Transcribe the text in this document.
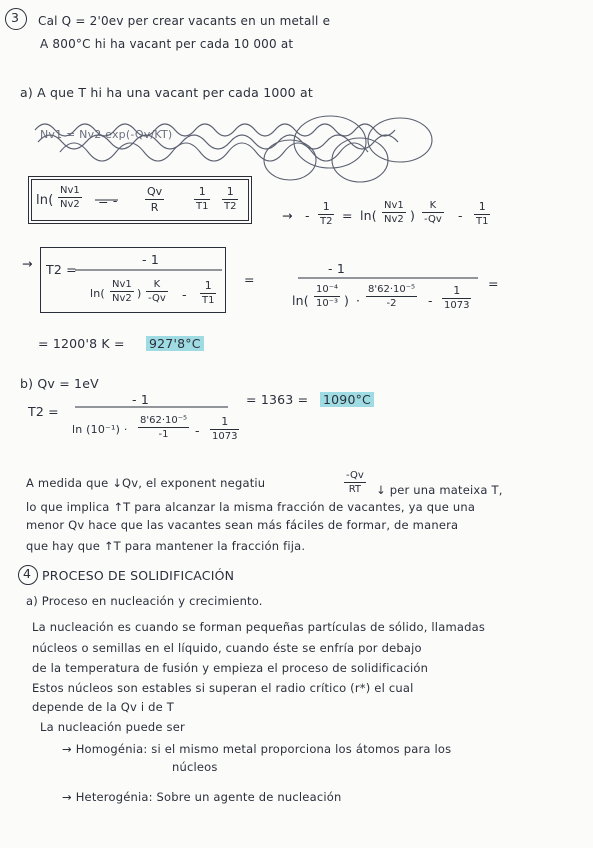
3 Cal Q = 2'0ev per crear vacants en un metall e
A 800°C hi ha vacant per cada 10 000 at
a) A que T hi ha una vacant per cada 1000 at
Nv1 = Nv2 exp(-Qv/KT)
ln(
Nv1
Nv2 = -
Qv
R
1
T1
1
T2
→ -
1
T2 = ln(
Nv1
Nv2 )
K
-Qv -
1
T1
→ T2 =
- 1
ln(
Nv1
Nv2 )
K
-Qv -
1
T1
=
- 1
ln(
10⁻⁴
10⁻³ ) ·
8'62·10⁻⁵
-2	-
1
1073
=
= 1200'8 K = 927'8°C
b) Qv = 1eV
T2 =
- 1
ln (10⁻¹) ·
8'62·10⁻⁵
-1 -
1
1073
= 1363 = 1090°C
A medida que ↓Qv, el exponent negatiu
-Qv
RT ↓ per una mateixa T,
lo que implica ↑T para alcanzar la misma fracción de vacantes, ya que una
menor Qv hace que las vacantes sean más fáciles de formar, de manera
que hay que ↑T para mantener la fracción fija.
4 PROCESO DE SOLIDIFICACIÓN
a) Proceso en nucleación y crecimiento.
La nucleación es cuando se forman pequeñas partículas de sólido, llamadas
núcleos o semillas en el líquido, cuando éste se enfría por debajo
de la temperatura de fusión y empieza el proceso de solidificación
Estos núcleos son estables si superan el radio crítico (r*) el cual
depende de la Qv i de T
La nucleación puede ser
→ Homogénia: si el mismo metal proporciona los átomos para los
núcleos
→ Heterogénia: Sobre un agente de nucleación
